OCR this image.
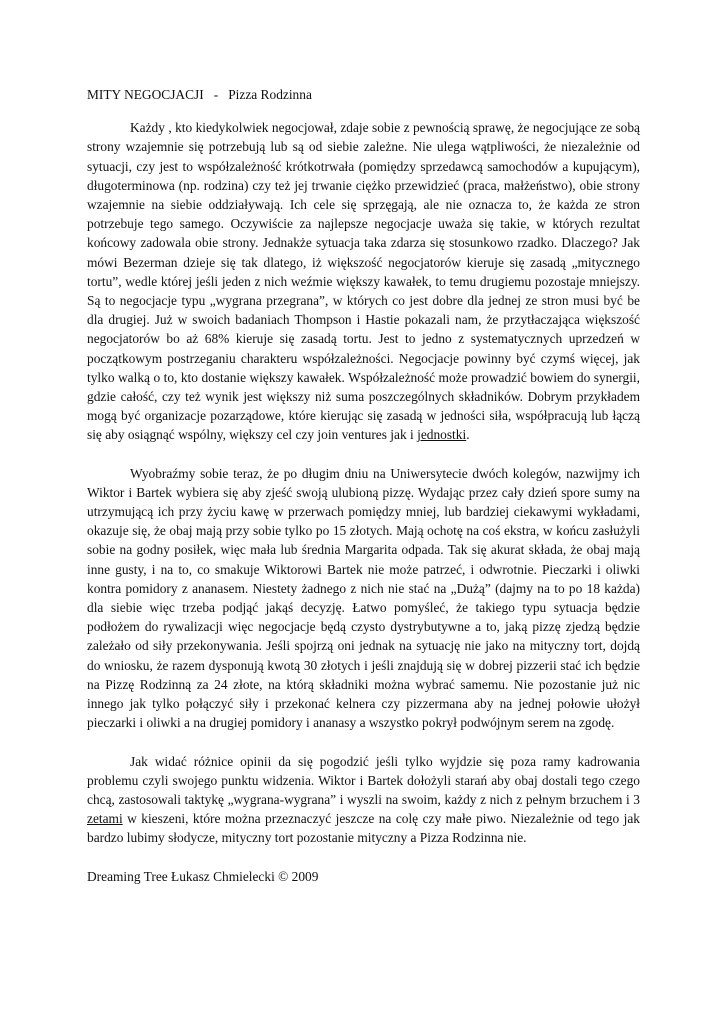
MITY NEGOCJACJI   -   Pizza Rodzinna

Każdy , kto kiedykolwiek negocjował, zdaje sobie z pewnością sprawę, że negocjujące ze sobą strony wzajemnie się potrzebują lub są od siebie zależne. Nie ulega wątpliwości, że niezależnie od sytuacji, czy jest to współzależność krótkotrwała (pomiędzy sprzedawcą samochodów a kupującym), długoterminowa (np. rodzina) czy też jej trwanie ciężko przewidzieć (praca, małżeństwo), obie strony wzajemnie na siebie oddziaływają. Ich cele się sprzęgają, ale nie oznacza to, że każda ze stron potrzebuje tego samego. Oczywiście za najlepsze negocjacje uważa się takie, w których rezultat końcowy zadowala obie strony. Jednakże sytuacja taka zdarza się stosunkowo rzadko. Dlaczego? Jak mówi Bezerman dzieje się tak dlatego, iż większość negocjatorów kieruje się zasadą „mitycznego tortu”, wedle której jeśli jeden z nich weźmie większy kawałek, to temu drugiemu pozostaje mniejszy. Są to negocjacje typu „wygrana przegrana”, w których co jest dobre dla jednej ze stron musi być be dla drugiej. Już w swoich badaniach Thompson i Hastie pokazali nam, że przytłaczająca większość negocjatorów bo aż 68% kieruje się zasadą tortu. Jest to jedno z systematycznych uprzedzeń w początkowym postrzeganiu charakteru współzależności. Negocjacje powinny być czymś więcej, jak tylko walką o to, kto dostanie większy kawałek. Współzależność może prowadzić bowiem do synergii, gdzie całość, czy też wynik jest większy niż suma poszczególnych składników. Dobrym przykładem mogą być organizacje pozarządowe, które kierując się zasadą w jedności siła, współpracują lub łączą się aby osiągnąć wspólny, większy cel czy join ventures jak i jednostki.

Wyobraźmy sobie teraz, że po długim dniu na Uniwersytecie dwóch kolegów, nazwijmy ich Wiktor i Bartek wybiera się aby zjeść swoją ulubioną pizzę. Wydając przez cały dzień spore sumy na utrzymującą ich przy życiu kawę w przerwach pomiędzy mniej, lub bardziej ciekawymi wykładami, okazuje się, że obaj mają przy sobie tylko po 15 złotych. Mają ochotę na coś ekstra, w końcu zasłużyli sobie na godny posiłek, więc mała lub średnia Margarita odpada. Tak się akurat składa, że obaj mają inne gusty, i na to, co smakuje Wiktorowi Bartek nie może patrzeć, i odwrotnie. Pieczarki i oliwki kontra pomidory z ananasem. Niestety żadnego z nich nie stać na „Dużą” (dajmy na to po 18 każda) dla siebie więc trzeba podjąć jakąś decyzję. Łatwo pomyśleć, że takiego typu sytuacja będzie podłożem do rywalizacji więc negocjacje będą czysto dystrybutywne a to, jaką pizzę zjedzą będzie zależało od siły przekonywania. Jeśli spojrzą oni jednak na sytuację nie jako na mityczny tort, dojdą do wniosku, że razem dysponują kwotą 30 złotych i jeśli znajdują się w dobrej pizzerii stać ich będzie na Pizzę Rodzinną za 24 złote, na którą składniki można wybrać samemu. Nie pozostanie już nic innego jak tylko połączyć siły i przekonać kelnera czy pizzermana aby na jednej połowie ułożył pieczarki i oliwki a na drugiej pomidory i ananasy a wszystko pokrył podwójnym serem na zgodę.

Jak widać różnice opinii da się pogodzić jeśli tylko wyjdzie się poza ramy kadrowania problemu czyli swojego punktu widzenia. Wiktor i Bartek dołożyli starań aby obaj dostali tego czego chcą, zastosowali taktykę „wygrana-wygrana” i wyszli na swoim, każdy z nich z pełnym brzuchem i 3 zetami w kieszeni, które można przeznaczyć jeszcze na colę czy małe piwo. Niezależnie od tego jak bardzo lubimy słodycze, mityczny tort pozostanie mityczny a Pizza Rodzinna nie.

Dreaming Tree Łukasz Chmielecki © 2009
